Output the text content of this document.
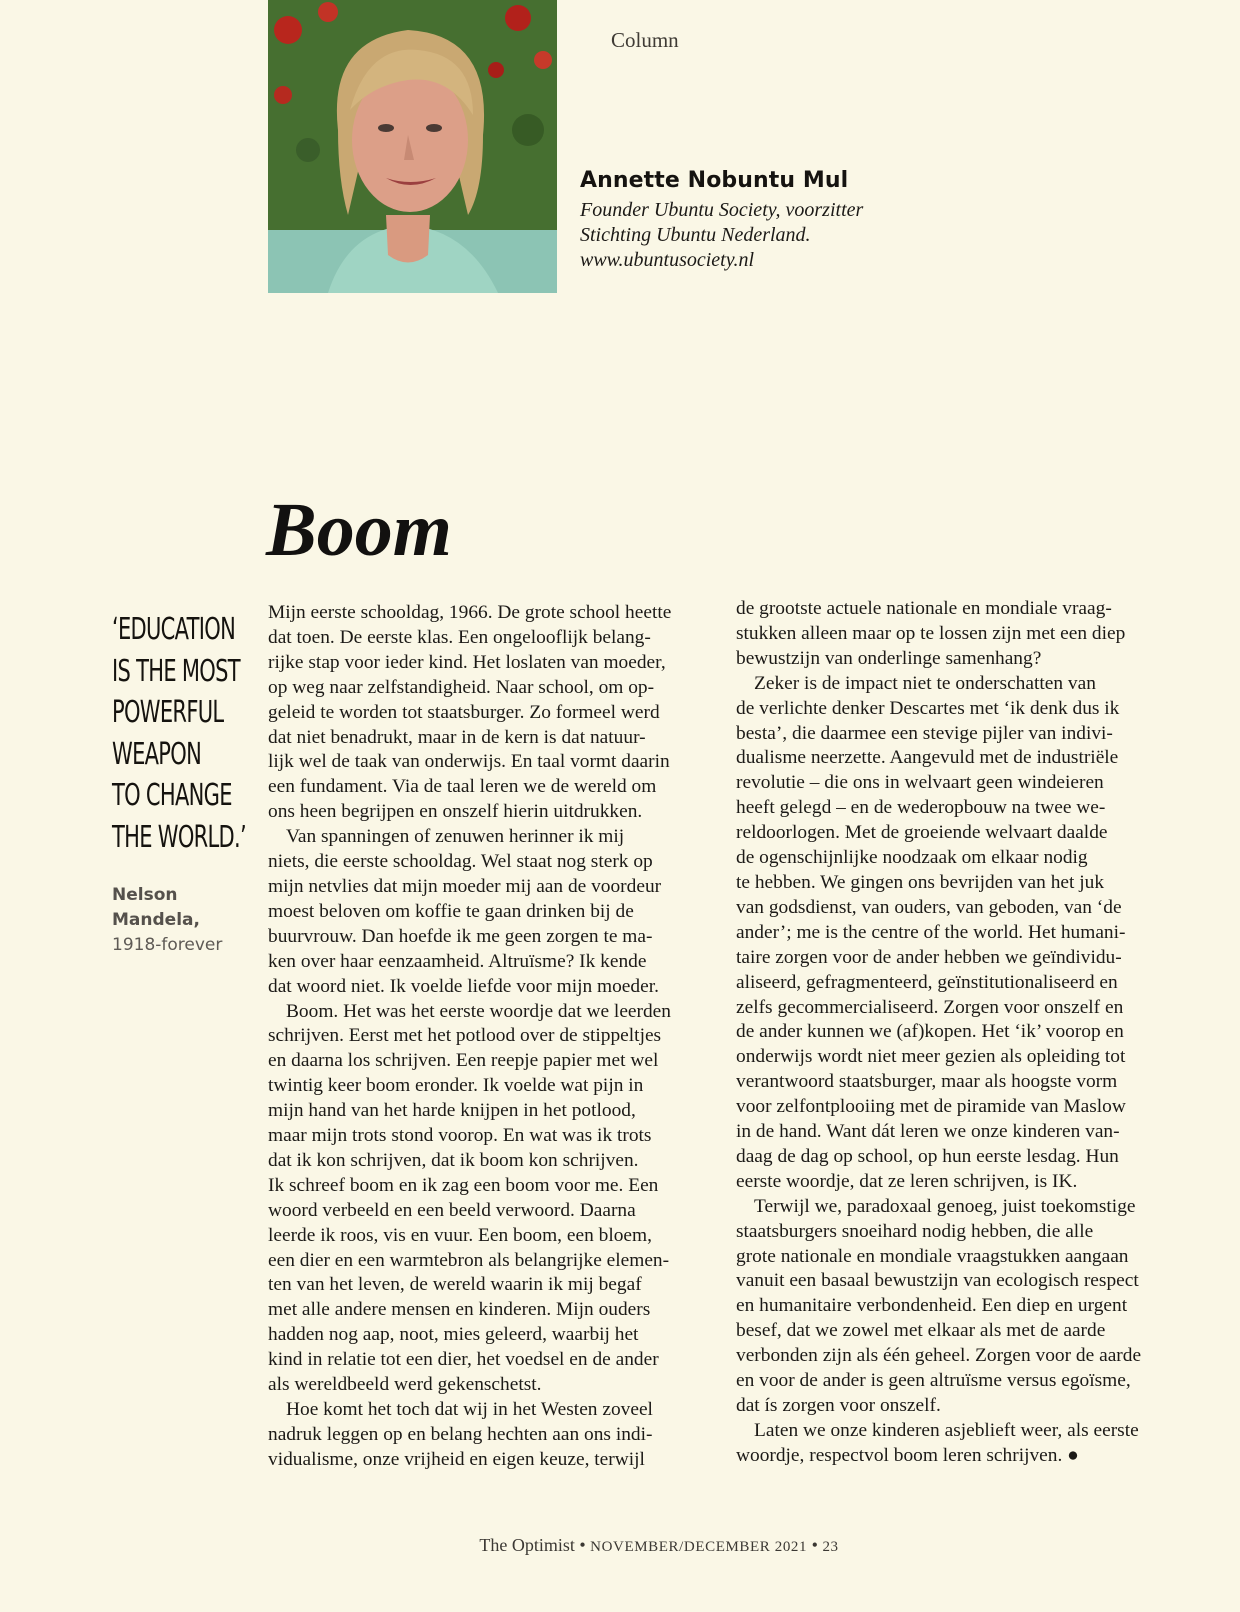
Column
Annette Nobuntu Mul
Founder Ubuntu Society, voorzitter
Stichting Ubuntu Nederland.
www.ubuntusociety.nl
Boom
‘EDUCATION
IS THE MOST
POWERFUL
WEAPON
TO CHANGE
THE WORLD.’
Nelson
Mandela,
1918-forever
Mijn eerste schooldag, 1966. De grote school heette
dat toen. De eerste klas. Een ongelooflijk belang-
rijke stap voor ieder kind. Het loslaten van moeder,
op weg naar zelfstandigheid. Naar school, om op-
geleid te worden tot staatsburger. Zo formeel werd
dat niet benadrukt, maar in de kern is dat natuur-
lijk wel de taak van onderwijs. En taal vormt daarin
een fundament. Via de taal leren we de wereld om
ons heen begrijpen en onszelf hierin uitdrukken.
Van spanningen of zenuwen herinner ik mij
niets, die eerste schooldag. Wel staat nog sterk op
mijn netvlies dat mijn moeder mij aan de voordeur
moest beloven om koffie te gaan drinken bij de
buurvrouw. Dan hoefde ik me geen zorgen te ma-
ken over haar eenzaamheid. Altruïsme? Ik kende
dat woord niet. Ik voelde liefde voor mijn moeder.
Boom. Het was het eerste woordje dat we leerden
schrijven. Eerst met het potlood over de stippeltjes
en daarna los schrijven. Een reepje papier met wel
twintig keer boom eronder. Ik voelde wat pijn in
mijn hand van het harde knijpen in het potlood,
maar mijn trots stond voorop. En wat was ik trots
dat ik kon schrijven, dat ik boom kon schrijven.
Ik schreef boom en ik zag een boom voor me. Een
woord verbeeld en een beeld verwoord. Daarna
leerde ik roos, vis en vuur. Een boom, een bloem,
een dier en een warmtebron als belangrijke elemen-
ten van het leven, de wereld waarin ik mij begaf
met alle andere mensen en kinderen. Mijn ouders
hadden nog aap, noot, mies geleerd, waarbij het
kind in relatie tot een dier, het voedsel en de ander
als wereldbeeld werd gekenschetst.
Hoe komt het toch dat wij in het Westen zoveel
nadruk leggen op en belang hechten aan ons indi-
vidualisme, onze vrijheid en eigen keuze, terwijl
de grootste actuele nationale en mondiale vraag-
stukken alleen maar op te lossen zijn met een diep
bewustzijn van onderlinge samenhang?
Zeker is de impact niet te onderschatten van
de verlichte denker Descartes met ‘ik denk dus ik
besta’, die daarmee een stevige pijler van indivi-
dualisme neerzette. Aangevuld met de industriële
revolutie – die ons in welvaart geen windeieren
heeft gelegd – en de wederopbouw na twee we-
reldoorlogen. Met de groeiende welvaart daalde
de ogenschijnlijke noodzaak om elkaar nodig
te hebben. We gingen ons bevrijden van het juk
van godsdienst, van ouders, van geboden, van ‘de
ander’; me is the centre of the world. Het humani-
taire zorgen voor de ander hebben we geïndividu-
aliseerd, gefragmenteerd, geïnstitutionaliseerd en
zelfs gecommercialiseerd. Zorgen voor onszelf en
de ander kunnen we (af)kopen. Het ‘ik’ voorop en
onderwijs wordt niet meer gezien als opleiding tot
verantwoord staatsburger, maar als hoogste vorm
voor zelfontplooiing met de piramide van Maslow
in de hand. Want dát leren we onze kinderen van-
daag de dag op school, op hun eerste lesdag. Hun
eerste woordje, dat ze leren schrijven, is IK.
Terwijl we, paradoxaal genoeg, juist toekomstige
staatsburgers snoeihard nodig hebben, die alle
grote nationale en mondiale vraagstukken aangaan
vanuit een basaal bewustzijn van ecologisch respect
en humanitaire verbondenheid. Een diep en urgent
besef, dat we zowel met elkaar als met de aarde
verbonden zijn als één geheel. Zorgen voor de aarde
en voor de ander is geen altruïsme versus egoïsme,
dat ís zorgen voor onszelf.
Laten we onze kinderen asjeblieft weer, als eerste
woordje, respectvol boom leren schrijven. ●
The Optimist • NOVEMBER/DECEMBER 2021 • 23
